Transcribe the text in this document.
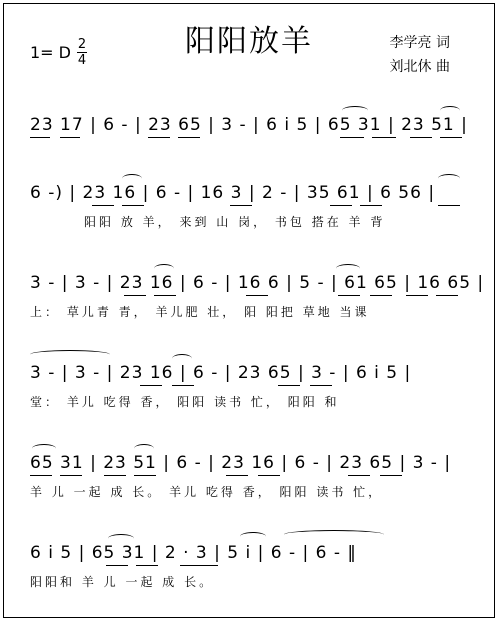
阳阳放羊
1= D $\frac{2}{4}$	李学亮 词
刘北休 曲
23 17 | 6 - | 23 65 | 3 - | 6 i 5 | 65 31 | 23 51 |
6 -) | 23 16 | 6 - | 16 3 | 2 - | 35 61 | 6 56 |
阳阳 放 羊， 来到 山 岗， 书包 搭在 羊 背
3 - | 3 - | 23 16 | 6 - | 16 6 | 5 - | 61 65 | 16 65 |
上： 草儿青 青， 羊儿肥 壮， 阳 阳把 草地 当课
3 - | 3 - | 23 16 | 6 - | 23 65 | 3 - | 6 i 5 |
堂： 羊儿 吃得 香， 阳阳 读书 忙， 阳阳 和
65 31 | 23 51 | 6 - | 23 16 | 6 - | 23 65 | 3 - |
羊 儿 一起 成 长。 羊儿 吃得 香， 阳阳 读书 忙，
6 i 5 | 65 31 | 2 · 3 | 5 i | 6 - | 6 - ‖
阳阳和 羊 儿 一起 成 长。
